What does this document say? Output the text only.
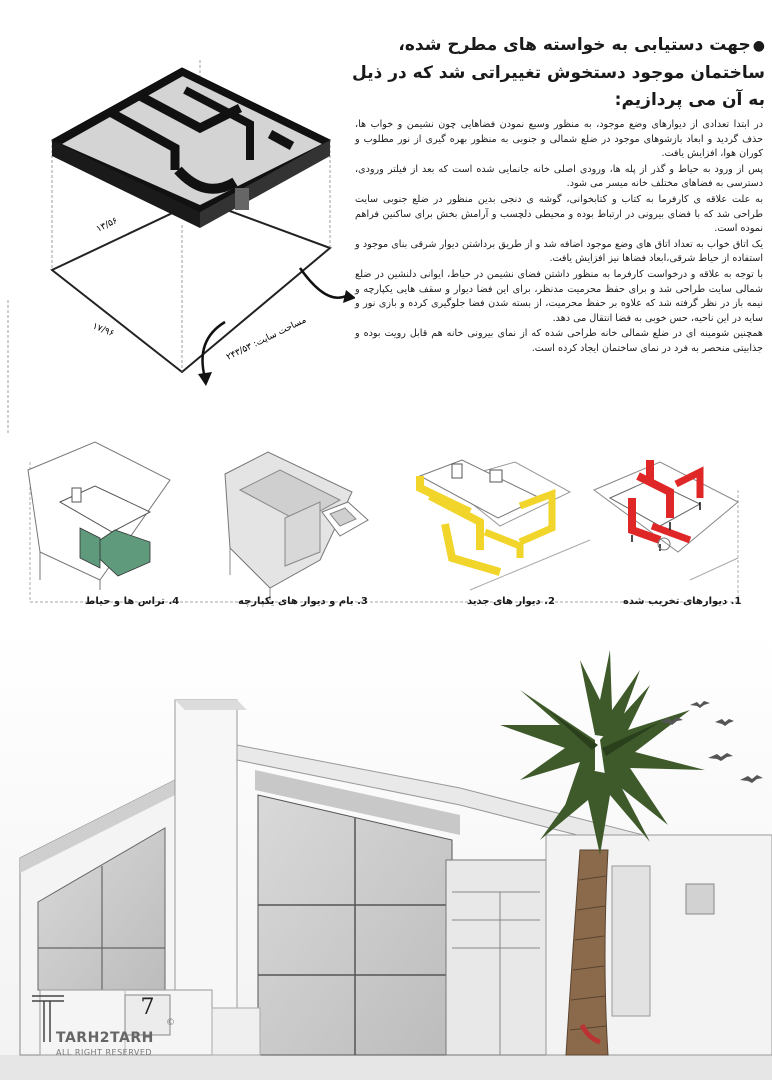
●جهت دستیابی به خواسته های مطرح شده،
ساختمان موجود دستخوش تغییراتی شد که در ذیل
به آن می پردازیم:

در ابتدا تعدادی از دیوارهای وضع موجود، به منظور وسیع نمودن فضاهایی چون نشیمن و خواب ها، حذف گردید و ابعاد بازشوهای موجود در ضلع شمالی و جنوبی به منظور بهره گیری از نور مطلوب و کوران هوا، افزایش یافت.

پس از ورود به حیاط و گذر از پله ها، ورودی اصلی خانه جانمایی شده است که بعد از فیلتر ورودی، دسترسی به فضاهای مختلف خانه میسر می شود.

به علت علاقه ی کارفرما به کتاب و کتابخوانی، گوشه ی دنجی بدین منظور در ضلع جنوبی سایت طراحی شد که با فضای بیرونی در ارتباط بوده و محیطی دلچسب و آرامش بخش برای ساکنین فراهم نموده است.

یک اتاق خواب به تعداد اتاق های وضع موجود اضافه شد و از طریق برداشتن دیوار شرقی بنای موجود و استفاده از حیاط شرقی،ابعاد فضاها نیز افزایش یافت.

با توجه به علاقه و درخواست کارفرما به منظور داشتن فضای نشیمن در حیاط، ایوانی دلنشین در ضلع شمالی سایت طراحی شد و برای حفظ محرمیت مدنظر، برای این فضا دیوار و سقف هایی یکپارچه و نیمه باز در نظر گرفته شد که علاوه بر حفظ محرمیت، از بسته شدن فضا جلوگیری کرده و بازی نور و سایه در این ناحیه، حس خوبی به فضا انتقال می دهد.

همچنین شومینه ای در ضلع شمالی خانه طراحی شده که از نمای بیرونی خانه هم قابل رویت بوده و جذابیتی منحصر به فرد در نمای ساختمان ایجاد کرده است.

۱۳/۵۶
۱۷/۹۶
مساحت سایت: ۲۴۳/۵۳
1. دیوارهای تخریب شده
2. دیوار های جدید
3. بام و دیوار های یکپارچه
4. تراس ها و حیاط
7
TARH2TARH
©
ALL RIGHT RESERVED
